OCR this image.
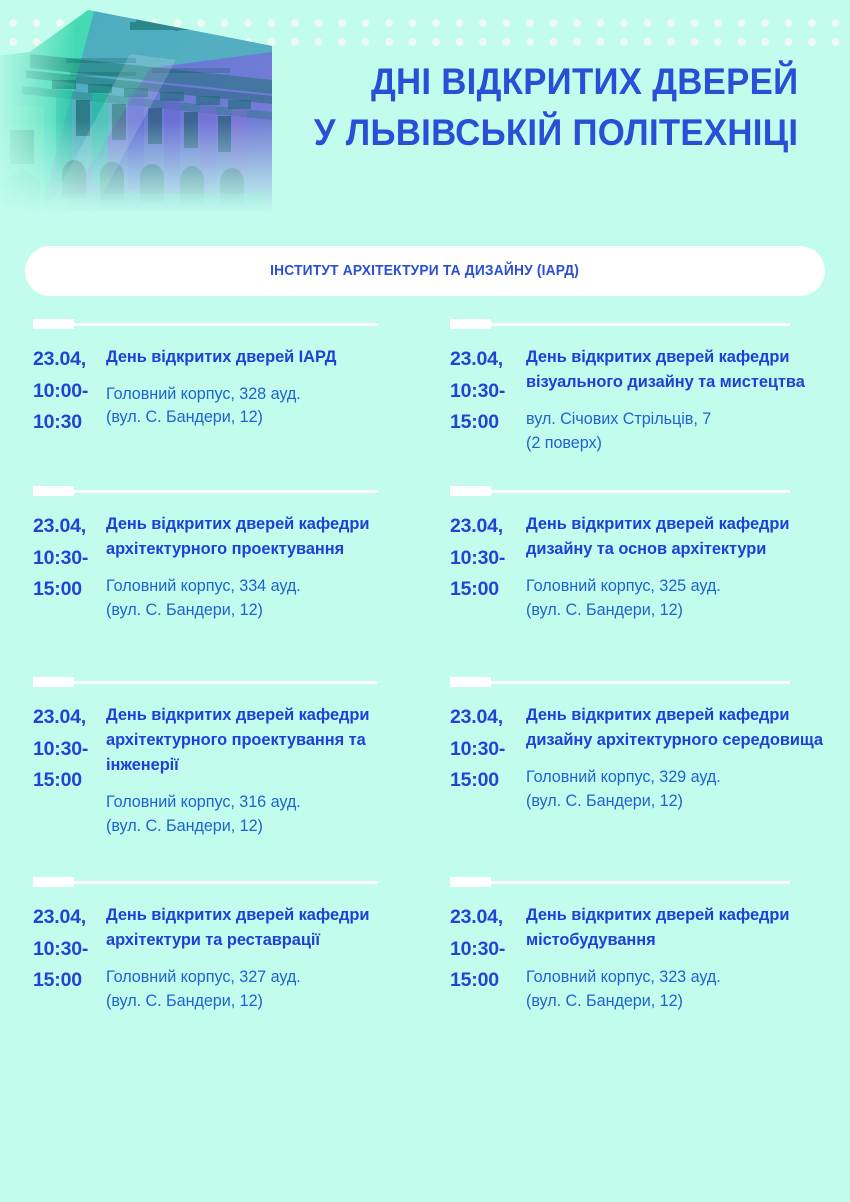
ДНІ ВІДКРИТИХ ДВЕРЕЙ
У ЛЬВІВСЬКІЙ ПОЛІТЕХНІЦІ
ІНСТИТУТ АРХІТЕКТУРИ ТА ДИЗАЙНУ (ІАРД)
23.04,
10:00-
10:30
День відкритих дверей ІАРД
Головний корпус, 328 ауд.
(вул. С. Бандери, 12)
23.04,
10:30-
15:00
День відкритих дверей кафедри візуального дизайну та мистецтва
вул. Січових Стрільців, 7
(2 поверх)
23.04,
10:30-
15:00
День відкритих дверей кафедри архітектурного проектування
Головний корпус, 334 ауд.
(вул. С. Бандери, 12)
23.04,
10:30-
15:00
День відкритих дверей кафедри дизайну та основ архітектури
Головний корпус, 325 ауд.
(вул. С. Бандери, 12)
23.04,
10:30-
15:00
День відкритих дверей кафедри архітектурного проектування та інженерії
Головний корпус, 316 ауд.
(вул. С. Бандери, 12)
23.04,
10:30-
15:00
День відкритих дверей кафедри дизайну архітектурного середовища
Головний корпус, 329 ауд.
(вул. С. Бандери, 12)
23.04,
10:30-
15:00
День відкритих дверей кафедри архітектури та реставрації
Головний корпус, 327 ауд.
(вул. С. Бандери, 12)
23.04,
10:30-
15:00
День відкритих дверей кафедри містобудування
Головний корпус, 323 ауд.
(вул. С. Бандери, 12)
